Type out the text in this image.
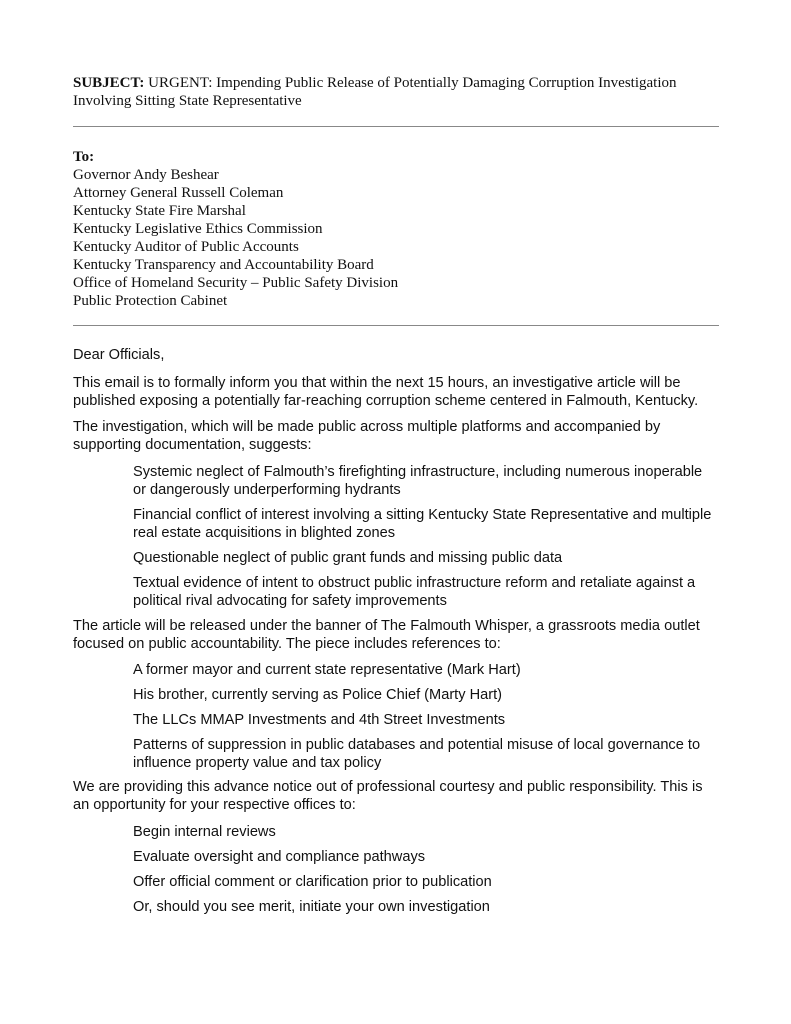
SUBJECT: URGENT: Impending Public Release of Potentially Damaging Corruption Investigation Involving Sitting State Representative

To:

Governor Andy Beshear
Attorney General Russell Coleman
Kentucky State Fire Marshal
Kentucky Legislative Ethics Commission
Kentucky Auditor of Public Accounts
Kentucky Transparency and Accountability Board
Office of Homeland Security – Public Safety Division
Public Protection Cabinet

Dear Officials,

This email is to formally inform you that within the next 15 hours, an investigative article will be published exposing a potentially far-reaching corruption scheme centered in Falmouth, Kentucky.

The investigation, which will be made public across multiple platforms and accompanied by supporting documentation, suggests:

Systemic neglect of Falmouth’s firefighting infrastructure, including numerous inoperable or dangerously underperforming hydrants
Financial conflict of interest involving a sitting Kentucky State Representative and multiple real estate acquisitions in blighted zones
Questionable neglect of public grant funds and missing public data
Textual evidence of intent to obstruct public infrastructure reform and retaliate against a political rival advocating for safety improvements

The article will be released under the banner of The Falmouth Whisper, a grassroots media outlet focused on public accountability. The piece includes references to:

A former mayor and current state representative (Mark Hart)
His brother, currently serving as Police Chief (Marty Hart)
The LLCs MMAP Investments and 4th Street Investments
Patterns of suppression in public databases and potential misuse of local governance to influence property value and tax policy

We are providing this advance notice out of professional courtesy and public responsibility. This is an opportunity for your respective offices to:

Begin internal reviews
Evaluate oversight and compliance pathways
Offer official comment or clarification prior to publication
Or, should you see merit, initiate your own investigation
